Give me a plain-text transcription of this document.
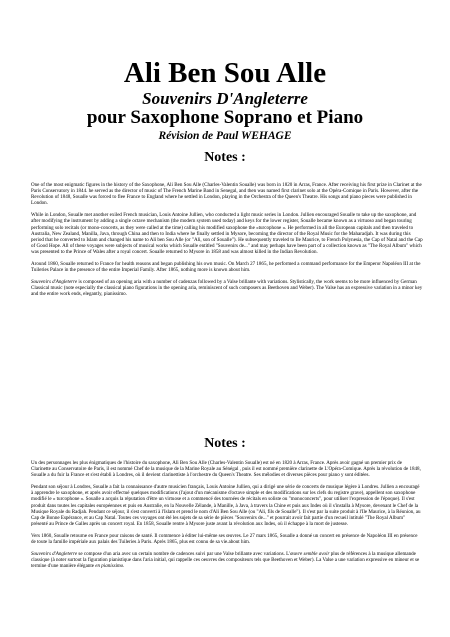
Ali Ben Sou Alle
Souvenirs D'Angleterre
pour Saxophone Soprano et Piano
Révision de Paul WEHAGE
Notes :

One of the most enigmatic figures in the history of the Saxophone, Ali Ben Sou Alle (Charles-Valentin Soualle) was born in 1820 in Arras, France. After receiving his first prize in Clarinet at the Paris Conservatory in 1844. he served as the director of music of The French Marine Band in Senegal, and then was named first clarinet solo at the Opéra-Comique in Paris. However, after the Revolution of 1848, Soualle was forced to flee France to England where he settled in London, playing in the Orchestra of the Queen's Theatre. His songs and piano pieces were published in London.

While in London, Soualle met another exiled French musician, Louis Antoine Jullien, who conducted a light music series in London. Jullien encouraged Soualle to take up the saxophone, and after modifying the instrument by adding a single octave mechanism (the modern system used today) and keys for the lower register, Soualle became known as a virtuoso and began touring performing solo recitals (or mono-concerts, as they were called at the time) calling his modified saxophone the «turcophone ». He performed in all the European capitals and then traveled to Australia, New Zealand, Manilla, Java, through China and then to India where he finally settled in Mysore, becoming the director of the Royal Music for the Maharadjah. It was during this period that he converted to Islam and changed his name to Ali ben Sou Alle (or "Ali, son of Soualle"). He subsequently traveled to Ile Maurice, to French Polynesia, the Cap of Natal and the Cap of Good Hope. All of these voyages were subjects of musical works which Soualle entitled "Souvenirs de..." and may perhaps have been part of a collection known as "The Royal Album" which was presented to the Prince of Wales after a royal concert. Soualle returned to Mysore in 1858 and was almost killed in the Indian Revolution.

Around 1860, Soualle returned to France for health reasons and began publishing his own music. On March 27 1865, he performed a command performance for the Emperor Napoléon III at the Tuileries Palace in the presence of the entire Imperial Family. After 1865, nothing more is known about him.

Souvenirs d'Angleterre is composed of an opening aria with a number of cadenzas followed by a Valse brillante with variations. Stylistically, the work seems to be more influenced by German Classical music (note especially the classical piano figurations in the opening aria, reminiscent of such composers as Beethoven and Weber). The Valse has an expressive variation in a minor key and the entire work ends, elegantly, pianissimo.

Notes :

Un des personnages les plus énigmatiques de l'histoire du saxophone, Ali Ben Sou Alle (Charles-Valentin Soualle) est né en 1820 à Arras, France. Après avoir gagné un premier prix de Clarinette au Conservatoire de Paris, il est nommé Chef de la musique de la Marine Royale au Sénégal , puis il est nommé première clarinette de L'Opéra-Comique. Après la révolution de 1848, Soualle a du fuir la France et s'est établi à Londres, où il devient clarinettiste à l'orchestre du Queen's Theatre. Ses mélodies et diverses pièces pour piano y sont éditées.

Pendant son séjour à Londres, Soualle a fait la connaissance d'autre musicien français, Louis Antoine Jullien, qui a dirigé une série de concerts de musique légère à Londres. Jullien a encouragé à apprendre le saxophone, et après avoir effectué quelques modifications (l'ajout d'un mécanisme d'octave simple et des modifications sur les clefs du registre grave), appellent son saxophone modifié le « turcophone ». Soualle a acquis la réputation d'être un virtuose et a commencé des tournées de récitals en soliste ou "monoconcerts", pour utiliser l'expression de l'époque). Il s'est produit dans toutes les capitales européennes et puis en Australie, en la Nouvelle Zélande, à Manille, à Java, à travers la Chine et puis aux Indes où il s'installa à Mysore, devenant le Chef de la Musique Royale du Radjah. Pendant ce séjour, il s'est converti à l'Islam et prend le nom d'Ali Ben Sou Alle (ou "Ali, fils de Soualle"). Il s'est par la suite produit à l'Ile Maurice, à la Réunion, au Cap de Bonne Espérance, et au Cap Natal. Toutes ces voyages ont été les sujets de sa série de pièces "Souvenirs de..." et pourrait avoir fait partie d'un recueil intitulé "The Royal Album" présenté au Prince de Galles après un concert royal. En 1858, Soualle rentre à Mysore juste avant la révolution aux Indes, où il échappe à la mort de justesse.

Vers 1860, Soualle retourne en France pour raisons de santé. Il commence à éditer lui-même ses œuvres. Le 27 mars 1865, Soualle a donné un concert en présence de Napoléon III en présence de toute la famille impériale aux palais des Tuileries à Paris. Après 1865, plus est connu de sa vie.about him.

Souvenirs d'Angleterre se compose d'un aria avec un certain nombre de cadences suivi par une Valse brillante avec variations. L'œuvre semble avoir plus de références à la musique allemande classique (à noter surtout la figuration pianistique dans l'aria initial, qui rappelle ces oeuvres des compositeurs tels que Beethoven et Weber). La Valse a une variation expressive en mineur et se termine d'une manière élégante en pianissimo.
